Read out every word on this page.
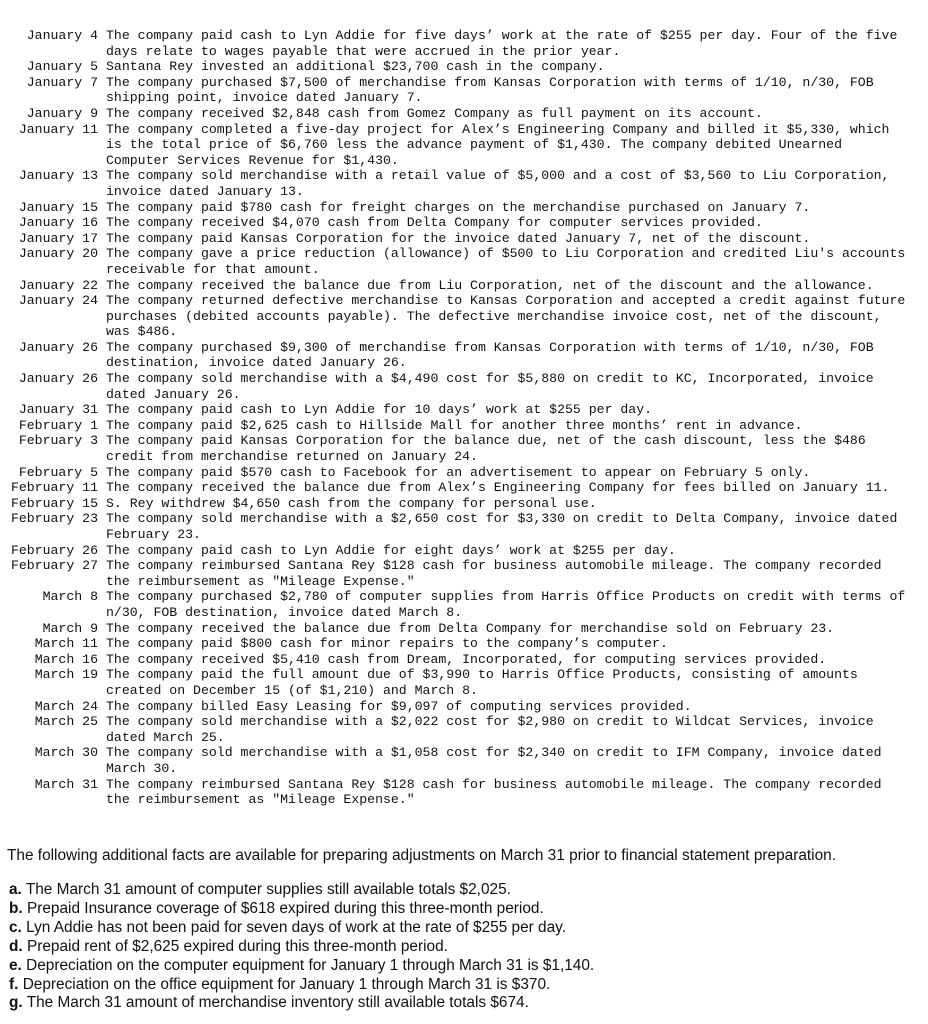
January 4	The company paid cash to Lyn Addie for five days’ work at the rate of $255 per day. Four of the five days relate to wages payable that were accrued in the prior year.
January 5	Santana Rey invested an additional $23,700 cash in the company.
January 7	The company purchased $7,500 of merchandise from Kansas Corporation with terms of 1/10, n/30, FOB shipping point, invoice dated January 7.
January 9	The company received $2,848 cash from Gomez Company as full payment on its account.
January 11	The company completed a five-day project for Alex’s Engineering Company and billed it $5,330, which is the total price of $6,760 less the advance payment of $1,430. The company debited Unearned Computer Services Revenue for $1,430.
January 13	The company sold merchandise with a retail value of $5,000 and a cost of $3,560 to Liu Corporation, invoice dated January 13.
January 15	The company paid $780 cash for freight charges on the merchandise purchased on January 7.
January 16	The company received $4,070 cash from Delta Company for computer services provided.
January 17	The company paid Kansas Corporation for the invoice dated January 7, net of the discount.
January 20	The company gave a price reduction (allowance) of $500 to Liu Corporation and credited Liu's accounts receivable for that amount.
January 22	The company received the balance due from Liu Corporation, net of the discount and the allowance.
January 24	The company returned defective merchandise to Kansas Corporation and accepted a credit against future purchases (debited accounts payable). The defective merchandise invoice cost, net of the discount, was $486.
January 26	The company purchased $9,300 of merchandise from Kansas Corporation with terms of 1/10, n/30, FOB destination, invoice dated January 26.
January 26	The company sold merchandise with a $4,490 cost for $5,880 on credit to KC, Incorporated, invoice dated January 26.
January 31	The company paid cash to Lyn Addie for 10 days’ work at $255 per day.
February 1	The company paid $2,625 cash to Hillside Mall for another three months’ rent in advance.
February 3	The company paid Kansas Corporation for the balance due, net of the cash discount, less the $486 credit from merchandise returned on January 24.
February 5	The company paid $570 cash to Facebook for an advertisement to appear on February 5 only.
February 11	The company received the balance due from Alex’s Engineering Company for fees billed on January 11.
February 15	S. Rey withdrew $4,650 cash from the company for personal use.
February 23	The company sold merchandise with a $2,650 cost for $3,330 on credit to Delta Company, invoice dated February 23.
February 26	The company paid cash to Lyn Addie for eight days’ work at $255 per day.
February 27	The company reimbursed Santana Rey $128 cash for business automobile mileage. The company recorded the reimbursement as "Mileage Expense."
March 8	The company purchased $2,780 of computer supplies from Harris Office Products on credit with terms of n/30, FOB destination, invoice dated March 8.
March 9	The company received the balance due from Delta Company for merchandise sold on February 23.
March 11	The company paid $800 cash for minor repairs to the company’s computer.
March 16	The company received $5,410 cash from Dream, Incorporated, for computing services provided.
March 19	The company paid the full amount due of $3,990 to Harris Office Products, consisting of amounts created on December 15 (of $1,210) and March 8.
March 24	The company billed Easy Leasing for $9,097 of computing services provided.
March 25	The company sold merchandise with a $2,022 cost for $2,980 on credit to Wildcat Services, invoice dated March 25.
March 30	The company sold merchandise with a $1,058 cost for $2,340 on credit to IFM Company, invoice dated March 30.
March 31	The company reimbursed Santana Rey $128 cash for business automobile mileage. The company recorded the reimbursement as "Mileage Expense."

The following additional facts are available for preparing adjustments on March 31 prior to financial statement preparation.

a. The March 31 amount of computer supplies still available totals $2,025.
b. Prepaid Insurance coverage of $618 expired during this three-month period.
c. Lyn Addie has not been paid for seven days of work at the rate of $255 per day.
d. Prepaid rent of $2,625 expired during this three-month period.
e. Depreciation on the computer equipment for January 1 through March 31 is $1,140.
f. Depreciation on the office equipment for January 1 through March 31 is $370.
g. The March 31 amount of merchandise inventory still available totals $674.
